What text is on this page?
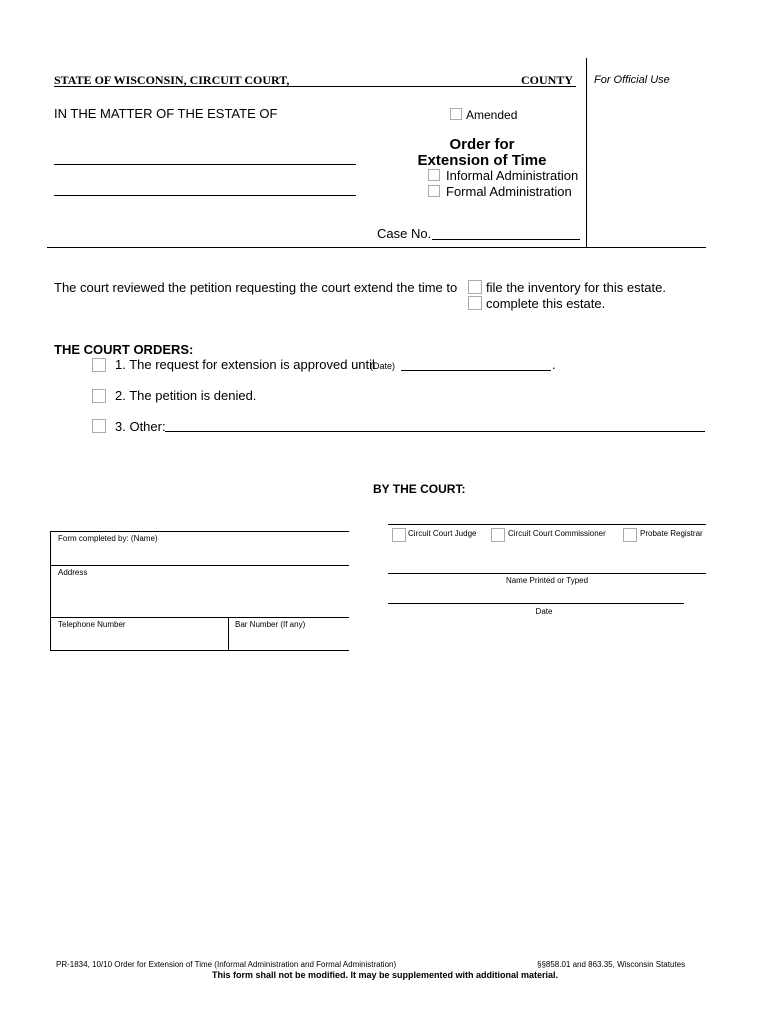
STATE OF WISCONSIN, CIRCUIT COURT,	COUNTY For Official Use
IN THE MATTER OF THE ESTATE OF	Amended
Order for
Extension of Time
Informal Administration
Formal Administration
Case No.
The court reviewed the petition requesting the court extend the time to file the inventory for this estate.
complete this estate.
THE COURT ORDERS:
1. The request for extension is approved until
(Date)	.
2. The petition is denied.
3. Other:
BY THE COURT:
Circuit Court Judge	Circuit Court Commissioner	Probate Registrar
Name Printed or Typed
Date
Form completed by: (Name)
Address
Telephone Number	Bar Number (If any)
PR-1834, 10/10 Order for Extension of Time (Informal Administration and Formal Administration)	§§858.01 and 863.35, Wisconsin Statutes
This form shall not be modified. It may be supplemented with additional material.
